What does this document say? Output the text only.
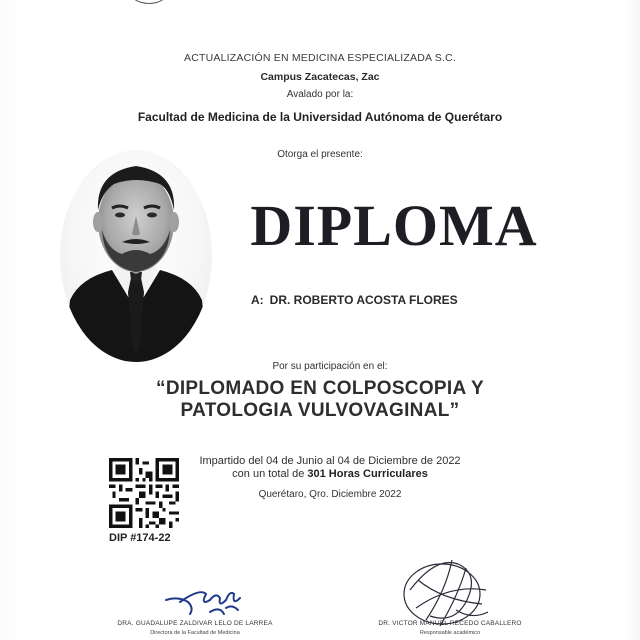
ACTUALIZACIÓN EN MEDICINA ESPECIALIZADA S.C.
Campus Zacatecas, Zac
Avalado por la:
Facultad de Medicina de la Universidad Autónoma de Querétaro
Otorga el presente:
DIPLOMA
A: DR. ROBERTO ACOSTA FLORES
Por su participación en el:
“DIPLOMADO EN COLPOSCOPIA Y
PATOLOGIA VULVOVAGINAL”
DIP #174-22
Impartido del 04 de Junio al 04 de Diciembre de 2022
con un total de 301 Horas Curriculares
Querétaro, Qro. Diciembre 2022
DRA. GUADALUPE ZALDIVAR LELO DE LARREA
Directora de la Facultad de Medicina
DR. VICTOR MANUEL RECEDO CABALLERO
Responsable académico
